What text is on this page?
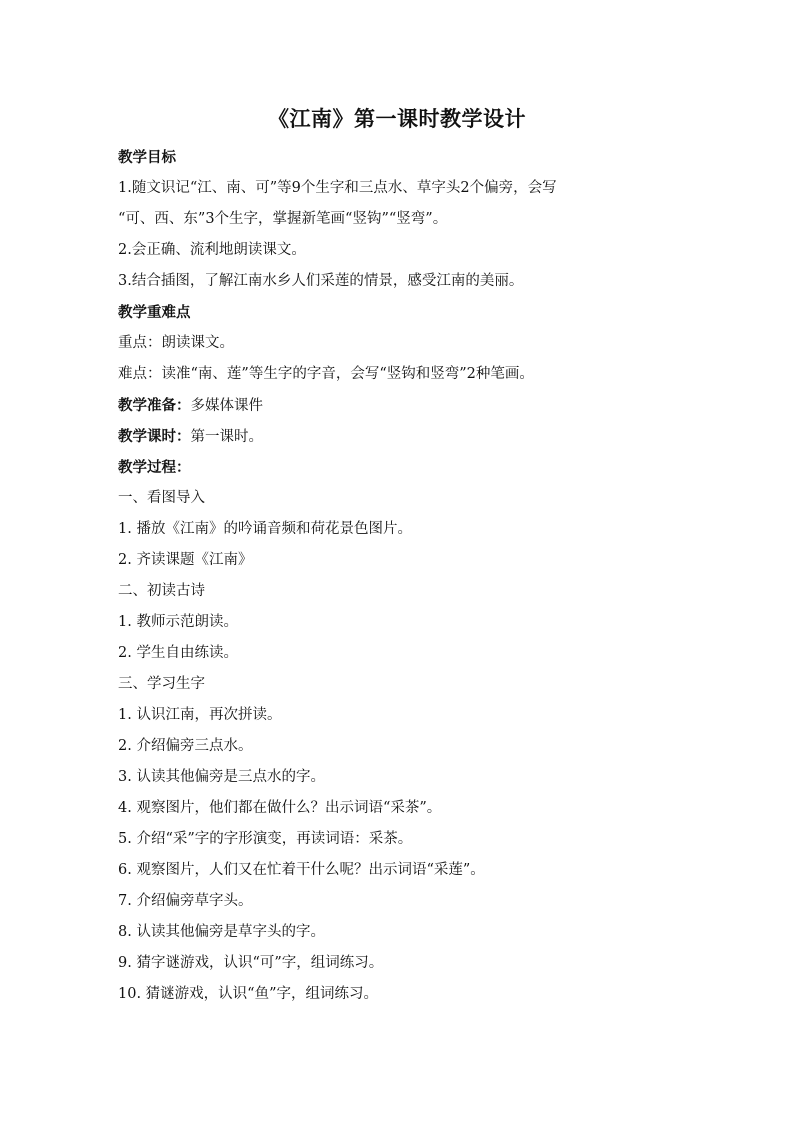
《江南》第一课时教学设计

教学目标

1.随文识记“江、南、可”等9个生字和三点水、草字头2个偏旁，会写

“可、西、东”3个生字，掌握新笔画“竖钩”“竖弯”。

2.会正确、流利地朗读课文。

3.结合插图，了解江南水乡人们采莲的情景，感受江南的美丽。

教学重难点

重点：朗读课文。

难点：读准“南、莲”等生字的字音，会写“竖钩和竖弯”2种笔画。

教学准备：多媒体课件

教学课时：第一课时。

教学过程：

一、看图导入

1. 播放《江南》的吟诵音频和荷花景色图片。

2. 齐读课题《江南》

二、初读古诗

1. 教师示范朗读。

2. 学生自由练读。

三、学习生字

1. 认识江南，再次拼读。

2. 介绍偏旁三点水。

3. 认读其他偏旁是三点水的字。

4. 观察图片，他们都在做什么？出示词语“采茶”。

5. 介绍“采”字的字形演变，再读词语：采茶。

6. 观察图片，人们又在忙着干什么呢？出示词语“采莲”。

7. 介绍偏旁草字头。

8. 认读其他偏旁是草字头的字。

9. 猜字谜游戏，认识“可”字，组词练习。

10. 猜谜游戏，认识“鱼”字，组词练习。
